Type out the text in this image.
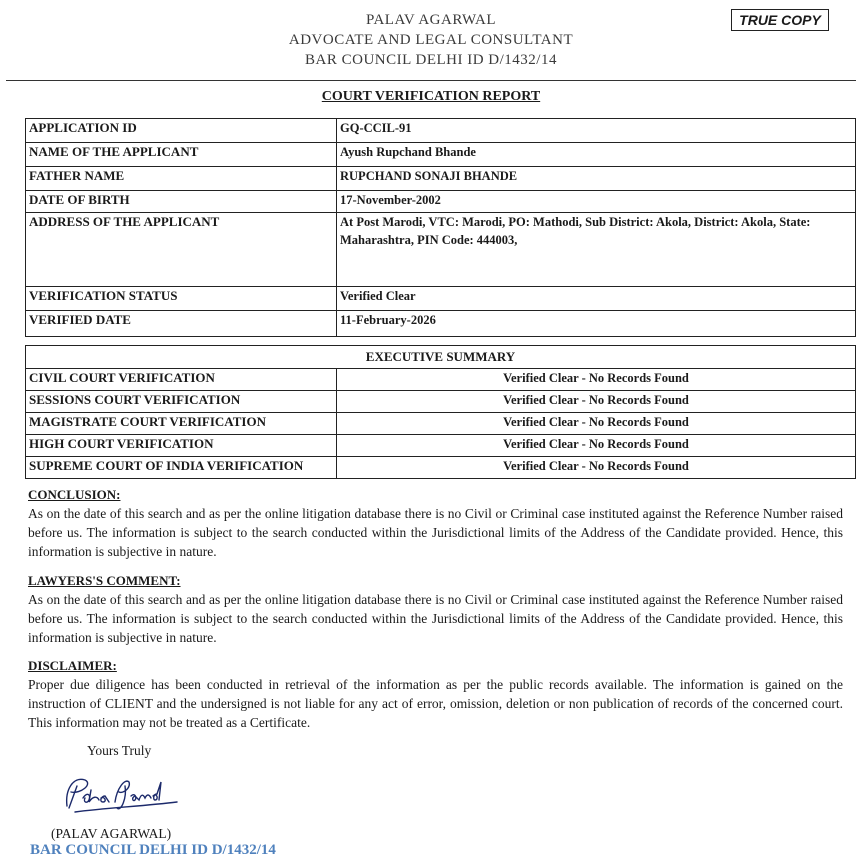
PALAV AGARWAL
ADVOCATE AND LEGAL CONSULTANT
BAR COUNCIL DELHI ID D/1432/14
TRUE COPY
COURT VERIFICATION REPORT
APPLICATION ID	GQ-CCIL-91
NAME OF THE APPLICANT	Ayush Rupchand Bhande
FATHER NAME	RUPCHAND SONAJI BHANDE
DATE OF BIRTH	17-November-2002
ADDRESS OF THE APPLICANT	At Post Marodi, VTC: Marodi, PO: Mathodi, Sub District: Akola, District: Akola, State: Maharashtra, PIN Code: 444003,
VERIFICATION STATUS	Verified Clear
VERIFIED DATE	11-February-2026
EXECUTIVE SUMMARY	
CIVIL COURT VERIFICATION	Verified Clear - No Records Found
SESSIONS COURT VERIFICATION	Verified Clear - No Records Found
MAGISTRATE COURT VERIFICATION	Verified Clear - No Records Found
HIGH COURT VERIFICATION	Verified Clear - No Records Found
SUPREME COURT OF INDIA VERIFICATION	Verified Clear - No Records Found
CONCLUSION:

As on the date of this search and as per the online litigation database there is no Civil or Criminal case instituted against the Reference Number raised before us. The information is subject to the search conducted within the Jurisdictional limits of the Address of the Candidate provided. Hence, this information is subjective in nature.

LAWYERS'S COMMENT:

As on the date of this search and as per the online litigation database there is no Civil or Criminal case instituted against the Reference Number raised before us. The information is subject to the search conducted within the Jurisdictional limits of the Address of the Candidate provided. Hence, this information is subjective in nature.

DISCLAIMER:

Proper due diligence has been conducted in retrieval of the information as per the public records available. The information is gained on the instruction of CLIENT and the undersigned is not liable for any act of error, omission, deletion or non publication of records of the concerned court. This information may not be treated as a Certificate.

Yours Truly
(PALAV AGARWAL)
BAR COUNCIL DELHI ID D/1432/14
